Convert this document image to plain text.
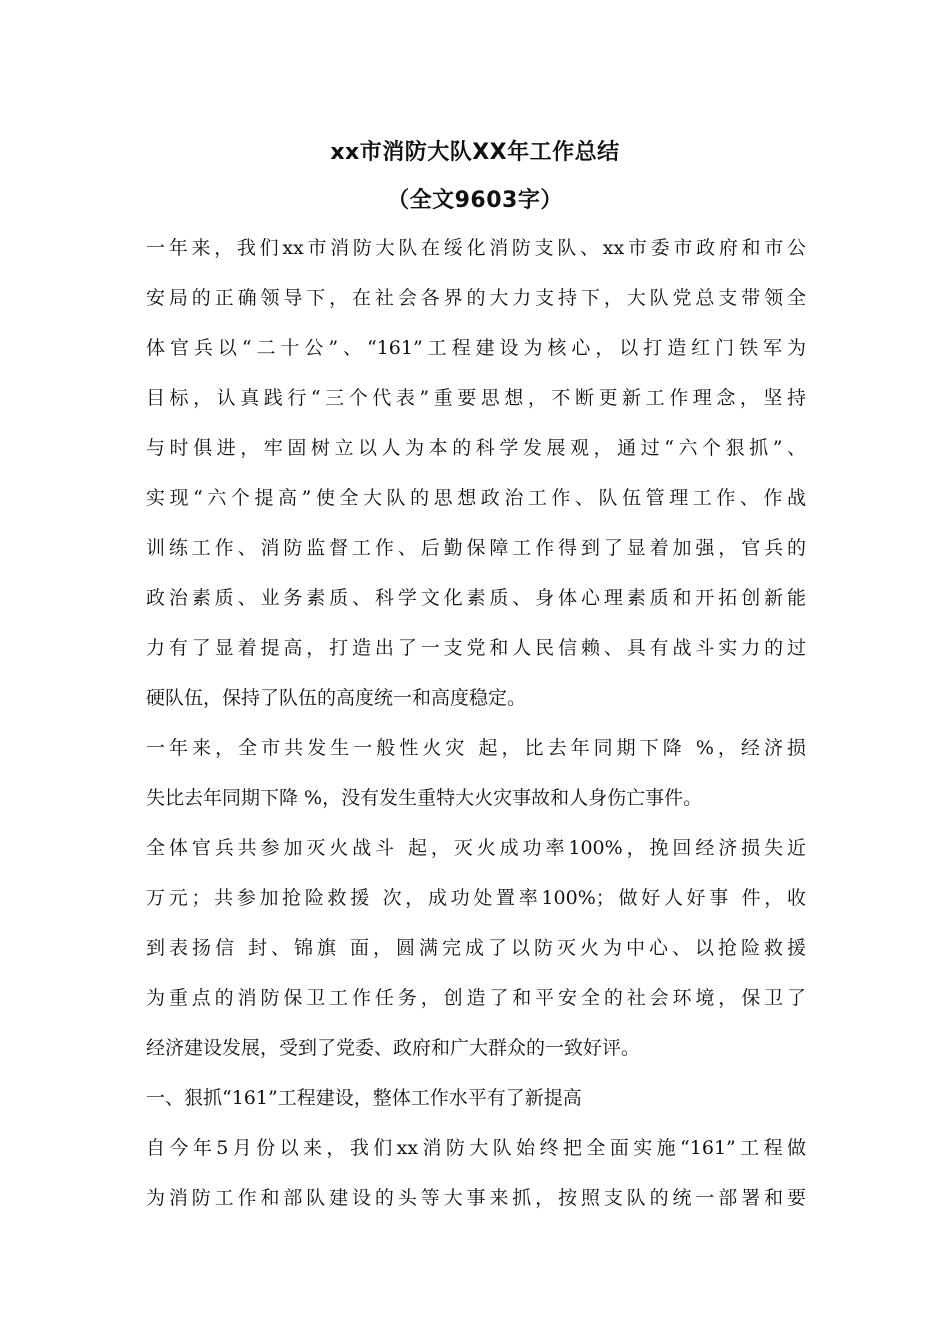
xx市消防大队XX年工作总结
（全文9603字）
一年来，我们xx市消防大队在绥化消防支队、xx市委市政府和市公
安局的正确领导下，在社会各界的大力支持下，大队党总支带领全
体官兵以“二十公”、“161”工程建设为核心，以打造红门铁军为
目标，认真践行“三个代表”重要思想，不断更新工作理念，坚持
与时俱进，牢固树立以人为本的科学发展观，通过“六个狠抓”、
实现“六个提高”使全大队的思想政治工作、队伍管理工作、作战
训练工作、消防监督工作、后勤保障工作得到了显着加强，官兵的
政治素质、业务素质、科学文化素质、身体心理素质和开拓创新能
力有了显着提高，打造出了一支党和人民信赖、具有战斗实力的过
硬队伍，保持了队伍的高度统一和高度稳定。
一年来，全市共发生一般性火灾 起，比去年同期下降 %，经济损
失比去年同期下降 %，没有发生重特大火灾事故和人身伤亡事件。
全体官兵共参加灭火战斗 起，灭火成功率100%，挽回经济损失近
万元；共参加抢险救援 次，成功处置率100%；做好人好事 件，收
到表扬信 封、锦旗 面，圆满完成了以防灭火为中心、以抢险救援
为重点的消防保卫工作任务，创造了和平安全的社会环境，保卫了
经济建设发展，受到了党委、政府和广大群众的一致好评。
一、狠抓“161”工程建设，整体工作水平有了新提高
自今年5月份以来，我们xx消防大队始终把全面实施“161”工程做
为消防工作和部队建设的头等大事来抓，按照支队的统一部署和要
